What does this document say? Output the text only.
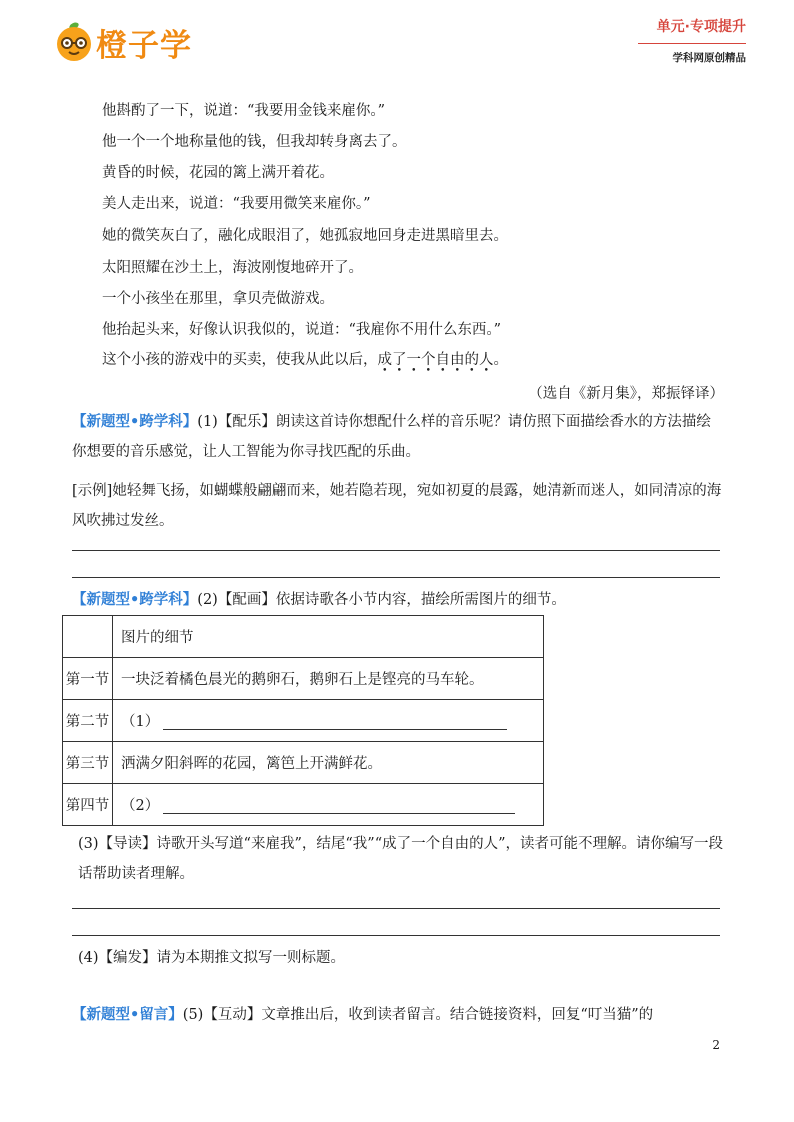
橙子学
单元·专项提升
学科网原创精品
他斟酌了一下，说道：“我要用金钱来雇你。”
他一个一个地称量他的钱，但我却转身离去了。
黄昏的时候，花园的篱上满开着花。
美人走出来，说道：“我要用微笑来雇你。”
她的微笑灰白了，融化成眼泪了，她孤寂地回身走进黑暗里去。
太阳照耀在沙土上，海波刚愎地碎开了。
一个小孩坐在那里，拿贝壳做游戏。
他抬起头来，好像认识我似的，说道：“我雇你不用什么东西。”
这个小孩的游戏中的买卖，使我从此以后，成了一个自由的人。
（选自《新月集》，郑振铎译）
【新题型•跨学科】(1)【配乐】朗读这首诗你想配什么样的音乐呢？请仿照下面描绘香水的方法描绘你想要的音乐感觉，让人工智能为你寻找匹配的乐曲。
[示例]她轻舞飞扬，如蝴蝶般翩翩而来，她若隐若现，宛如初夏的晨露，她清新而迷人，如同清凉的海风吹拂过发丝。
【新题型•跨学科】(2)【配画】依据诗歌各小节内容，描绘所需图片的细节。
	图片的细节
第一节	一块泛着橘色晨光的鹅卵石，鹅卵石上是铿亮的马车轮。
第二节	（1）
第三节	洒满夕阳斜晖的花园，篱笆上开满鲜花。
第四节	（2）
(3)【导读】诗歌开头写道“来雇我”，结尾“我”“成了一个自由的人”，读者可能不理解。请你编写一段话帮助读者理解。
(4)【编发】请为本期推文拟写一则标题。
【新题型•留言】(5)【互动】文章推出后，收到读者留言。结合链接资料，回复“叮当猫”的
2
